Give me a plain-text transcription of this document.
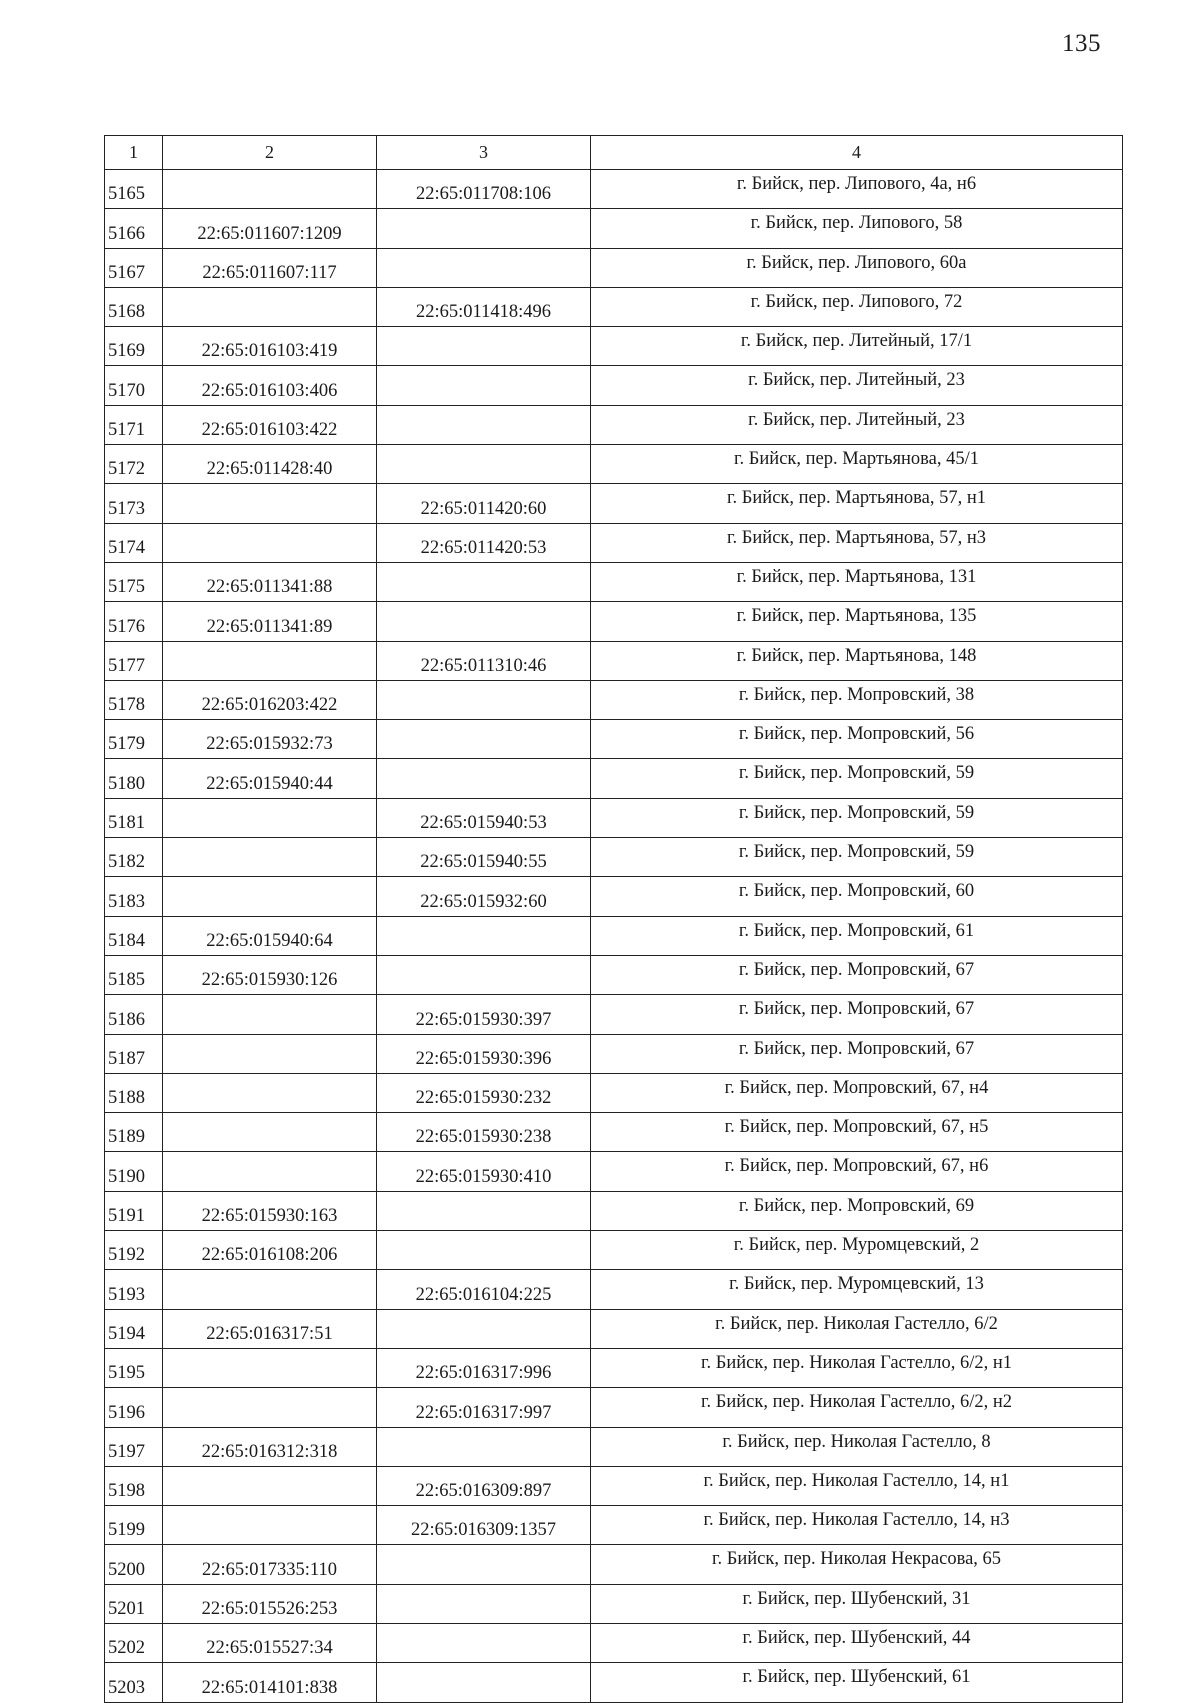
135
1	2	3	4
5165		22:65:011708:106	г. Бийск, пер. Липового, 4а, н6
5166	22:65:011607:1209		г. Бийск, пер. Липового, 58
5167	22:65:011607:117		г. Бийск, пер. Липового, 60а
5168		22:65:011418:496	г. Бийск, пер. Липового, 72
5169	22:65:016103:419		г. Бийск, пер. Литейный, 17/1
5170	22:65:016103:406		г. Бийск, пер. Литейный, 23
5171	22:65:016103:422		г. Бийск, пер. Литейный, 23
5172	22:65:011428:40		г. Бийск, пер. Мартьянова, 45/1
5173		22:65:011420:60	г. Бийск, пер. Мартьянова, 57, н1
5174		22:65:011420:53	г. Бийск, пер. Мартьянова, 57, н3
5175	22:65:011341:88		г. Бийск, пер. Мартьянова, 131
5176	22:65:011341:89		г. Бийск, пер. Мартьянова, 135
5177		22:65:011310:46	г. Бийск, пер. Мартьянова, 148
5178	22:65:016203:422		г. Бийск, пер. Мопровский, 38
5179	22:65:015932:73		г. Бийск, пер. Мопровский, 56
5180	22:65:015940:44		г. Бийск, пер. Мопровский, 59
5181		22:65:015940:53	г. Бийск, пер. Мопровский, 59
5182		22:65:015940:55	г. Бийск, пер. Мопровский, 59
5183		22:65:015932:60	г. Бийск, пер. Мопровский, 60
5184	22:65:015940:64		г. Бийск, пер. Мопровский, 61
5185	22:65:015930:126		г. Бийск, пер. Мопровский, 67
5186		22:65:015930:397	г. Бийск, пер. Мопровский, 67
5187		22:65:015930:396	г. Бийск, пер. Мопровский, 67
5188		22:65:015930:232	г. Бийск, пер. Мопровский, 67, н4
5189		22:65:015930:238	г. Бийск, пер. Мопровский, 67, н5
5190		22:65:015930:410	г. Бийск, пер. Мопровский, 67, н6
5191	22:65:015930:163		г. Бийск, пер. Мопровский, 69
5192	22:65:016108:206		г. Бийск, пер. Муромцевский, 2
5193		22:65:016104:225	г. Бийск, пер. Муромцевский, 13
5194	22:65:016317:51		г. Бийск, пер. Николая Гастелло, 6/2
5195		22:65:016317:996	г. Бийск, пер. Николая Гастелло, 6/2, н1
5196		22:65:016317:997	г. Бийск, пер. Николая Гастелло, 6/2, н2
5197	22:65:016312:318		г. Бийск, пер. Николая Гастелло, 8
5198		22:65:016309:897	г. Бийск, пер. Николая Гастелло, 14, н1
5199		22:65:016309:1357	г. Бийск, пер. Николая Гастелло, 14, н3
5200	22:65:017335:110		г. Бийск, пер. Николая Некрасова, 65
5201	22:65:015526:253		г. Бийск, пер. Шубенский, 31
5202	22:65:015527:34		г. Бийск, пер. Шубенский, 44
5203	22:65:014101:838		г. Бийск, пер. Шубенский, 61
